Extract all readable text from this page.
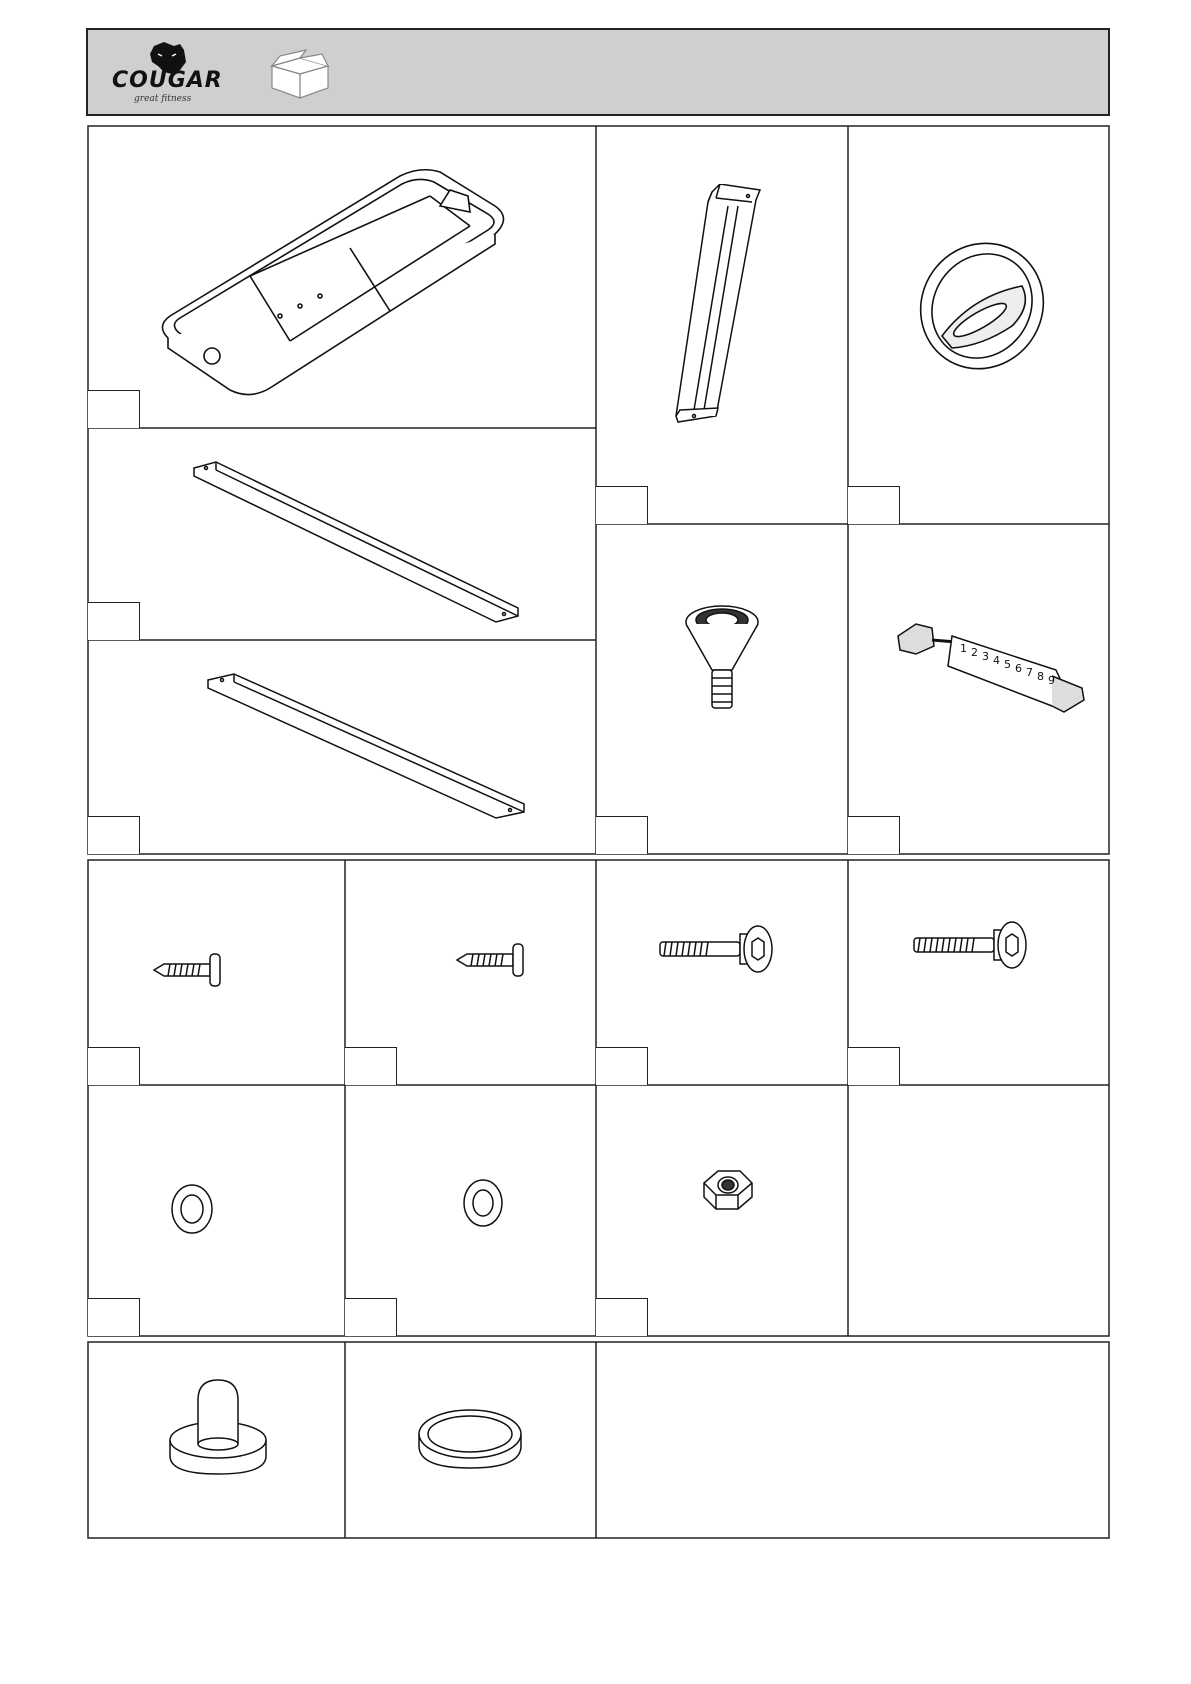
COUGAR
great fitness
1 2 3 4 5 6 7 8 9
